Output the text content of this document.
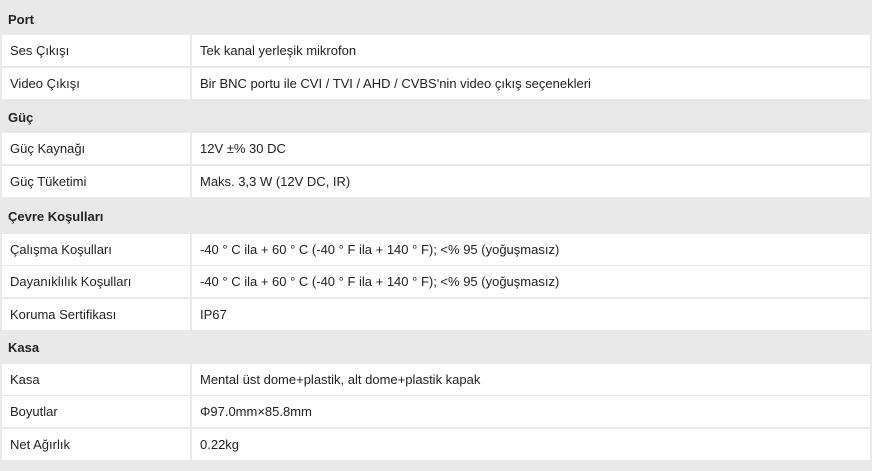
Port
Ses Çıkışı	Tek kanal yerleşik mikrofon
Video Çıkışı	Bir BNC portu ile CVI / TVI / AHD / CVBS'nin video çıkış seçenekleri
Güç
Güç Kaynağı	12V ±% 30 DC
Güç Tüketimi	Maks. 3,3 W (12V DC, IR)
Çevre Koşulları
Çalışma Koşulları	-40 ° C ila + 60 ° C (-40 ° F ila + 140 ° F); <% 95 (yoğuşmasız)
Dayanıklılık Koşulları	-40 ° C ila + 60 ° C (-40 ° F ila + 140 ° F); <% 95 (yoğuşmasız)
Koruma Sertifikası	IP67
Kasa
Kasa	Mental üst dome+plastik, alt dome+plastik kapak
Boyutlar	Φ97.0mm×85.8mm
Net Ağırlık	0.22kg
